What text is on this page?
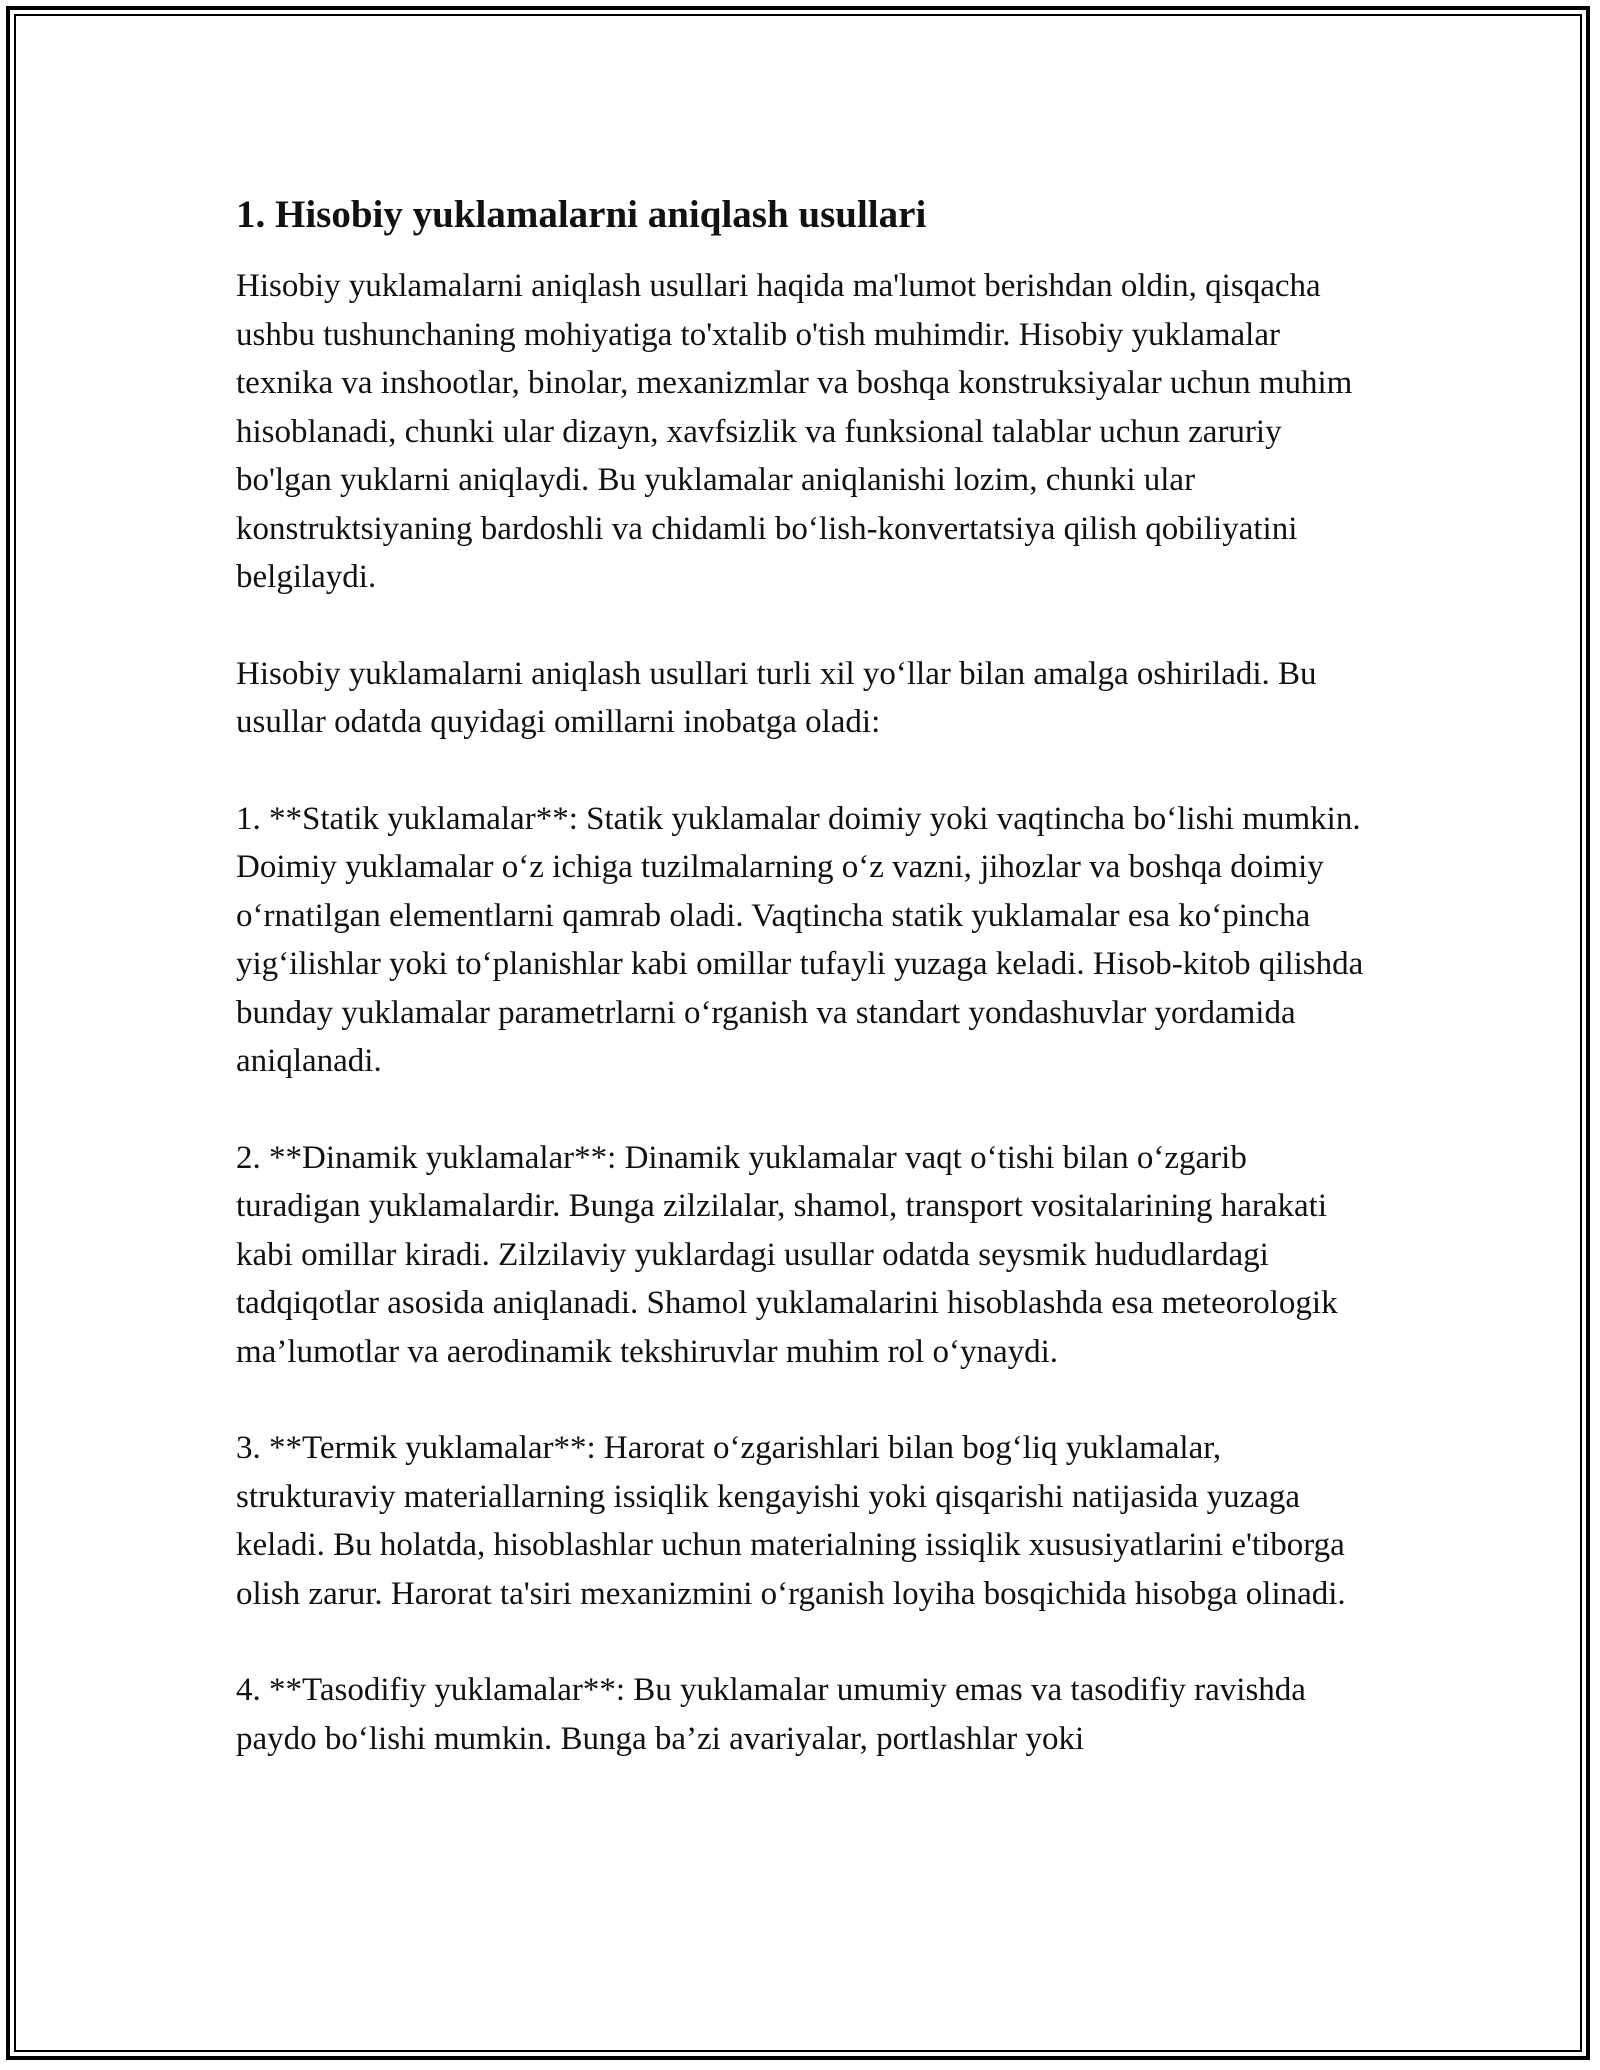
1. Hisobiy yuklamalarni aniqlash usullari

Hisobiy yuklamalarni aniqlash usullari haqida ma'lumot berishdan oldin, qisqacha ushbu tushunchaning mohiyatiga to'xtalib o'tish muhimdir. Hisobiy yuklamalar texnika va inshootlar, binolar, mexanizmlar va boshqa konstruksiyalar uchun muhim hisoblanadi, chunki ular dizayn, xavfsizlik va funksional talablar uchun zaruriy bo'lgan yuklarni aniqlaydi. Bu yuklamalar aniqlanishi lozim, chunki ular konstruktsiyaning bardoshli va chidamli bo‘lish-konvertatsiya qilish qobiliyatini belgilaydi.

Hisobiy yuklamalarni aniqlash usullari turli xil yo‘llar bilan amalga oshiriladi. Bu usullar odatda quyidagi omillarni inobatga oladi:

1. **Statik yuklamalar**: Statik yuklamalar doimiy yoki vaqtincha bo‘lishi mumkin. Doimiy yuklamalar o‘z ichiga tuzilmalarning o‘z vazni, jihozlar va boshqa doimiy o‘rnatilgan elementlarni qamrab oladi. Vaqtincha statik yuklamalar esa ko‘pincha yig‘ilishlar yoki to‘planishlar kabi omillar tufayli yuzaga keladi. Hisob-kitob qilishda bunday yuklamalar parametrlarni o‘rganish va standart yondashuvlar yordamida aniqlanadi.

2. **Dinamik yuklamalar**: Dinamik yuklamalar vaqt o‘tishi bilan o‘zgarib turadigan yuklamalardir. Bunga zilzilalar, shamol, transport vositalarining harakati kabi omillar kiradi. Zilzilaviy yuklardagi usullar odatda seysmik hududlardagi tadqiqotlar asosida aniqlanadi. Shamol yuklamalarini hisoblashda esa meteorologik ma’lumotlar va aerodinamik tekshiruvlar muhim rol o‘ynaydi.

3. **Termik yuklamalar**: Harorat o‘zgarishlari bilan bog‘liq yuklamalar, strukturaviy materiallarning issiqlik kengayishi yoki qisqarishi natijasida yuzaga keladi. Bu holatda, hisoblashlar uchun materialning issiqlik xususiyatlarini e'tiborga olish zarur. Harorat ta'siri mexanizmini o‘rganish loyiha bosqichida hisobga olinadi.

4. **Tasodifiy yuklamalar**: Bu yuklamalar umumiy emas va tasodifiy ravishda paydo bo‘lishi mumkin. Bunga ba’zi avariyalar, portlashlar yoki
